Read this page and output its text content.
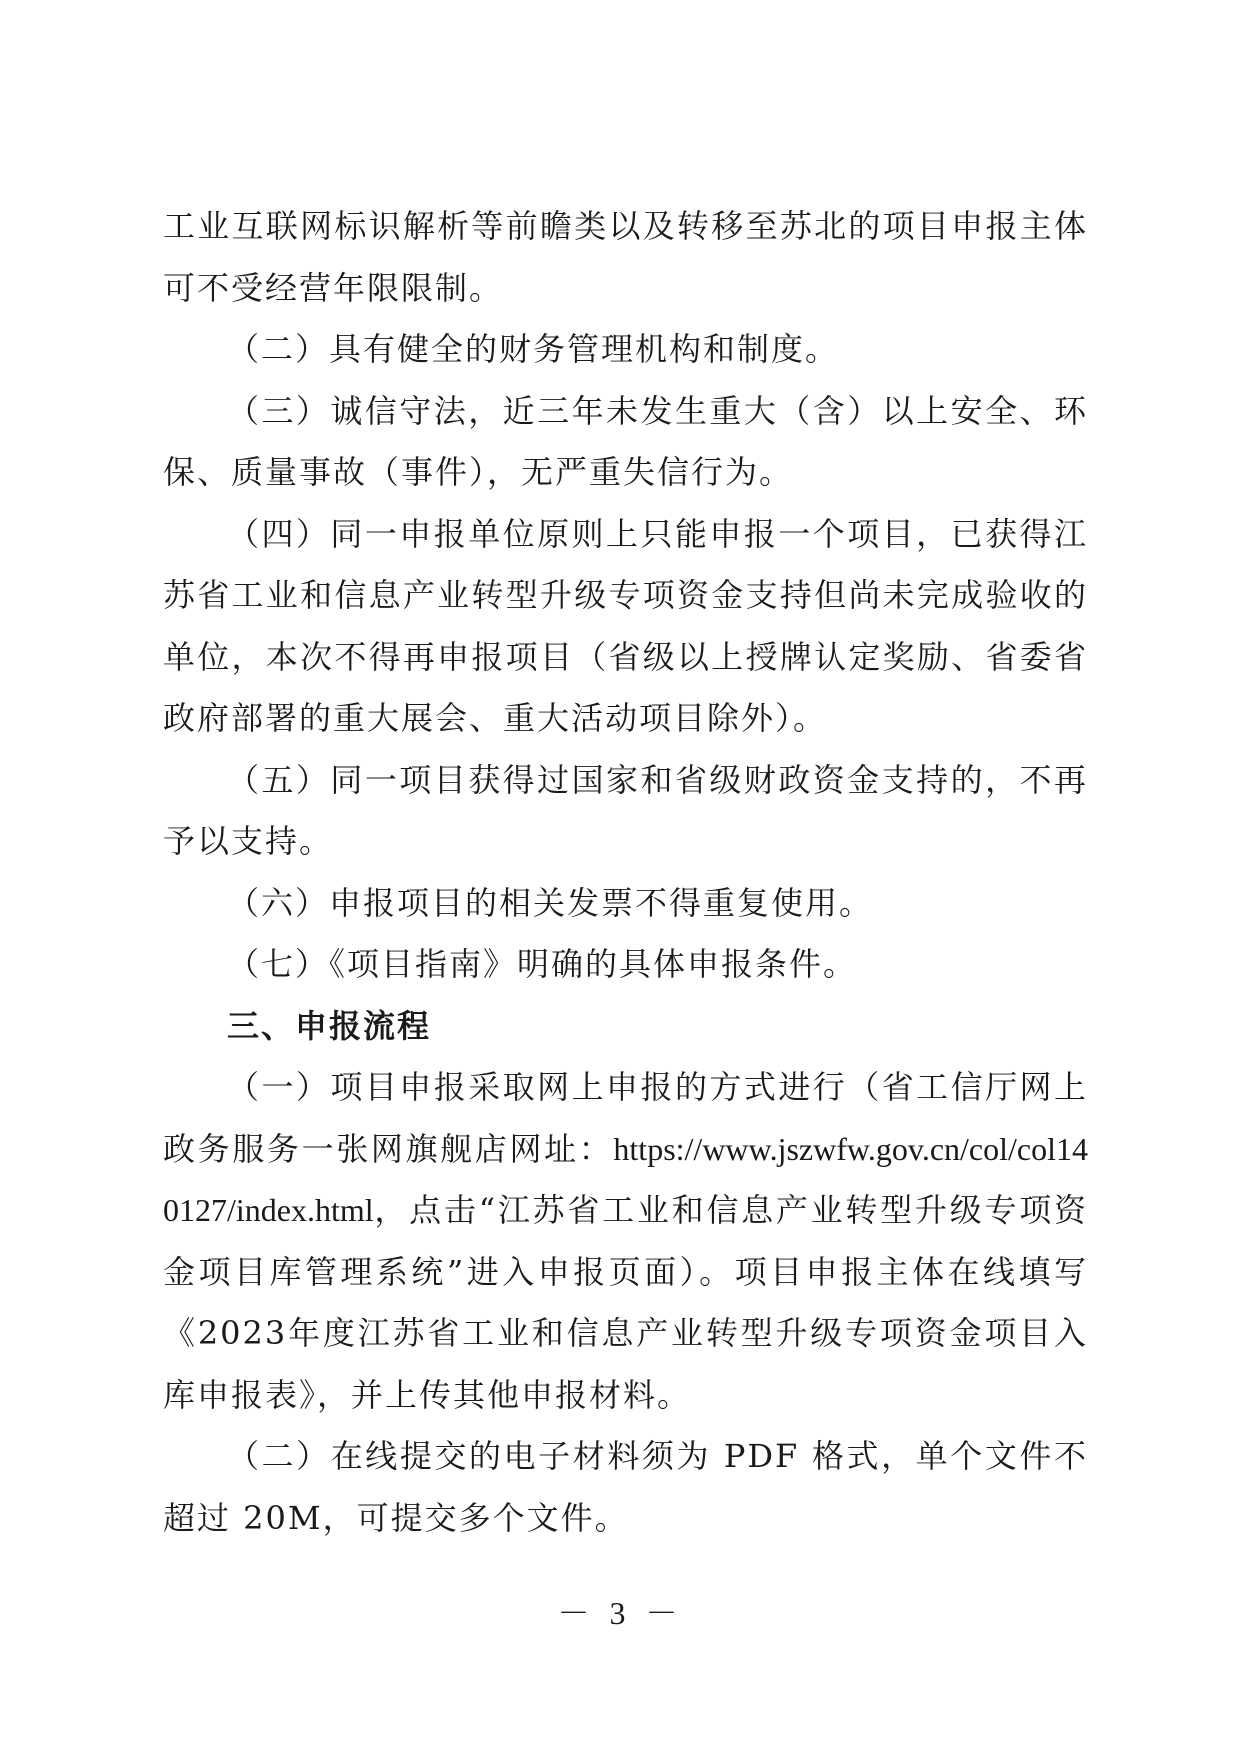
工业互联网标识解析等前瞻类以及转移至苏北的项目申报主体可不受经营年限限制。

（二）具有健全的财务管理机构和制度。

（三）诚信守法，近三年未发生重大（含）以上安全、环保、质量事故（事件），无严重失信行为。

（四）同一申报单位原则上只能申报一个项目，已获得江苏省工业和信息产业转型升级专项资金支持但尚未完成验收的单位，本次不得再申报项目（省级以上授牌认定奖励、省委省政府部署的重大展会、重大活动项目除外）。

（五）同一项目获得过国家和省级财政资金支持的，不再予以支持。

（六）申报项目的相关发票不得重复使用。

（七）《项目指南》明确的具体申报条件。

三、申报流程

（一）项目申报采取网上申报的方式进行（省工信厅网上政务服务一张网旗舰店网址：https://www.jszwfw.gov.cn/col/col140127/index.html，点击“江苏省工业和信息产业转型升级专项资金项目库管理系统”进入申报页面）。项目申报主体在线填写《2023年度江苏省工业和信息产业转型升级专项资金项目入库申报表》，并上传其他申报材料。

（二）在线提交的电子材料须为 PDF 格式，单个文件不超过 20M，可提交多个文件。

－ 3 －
